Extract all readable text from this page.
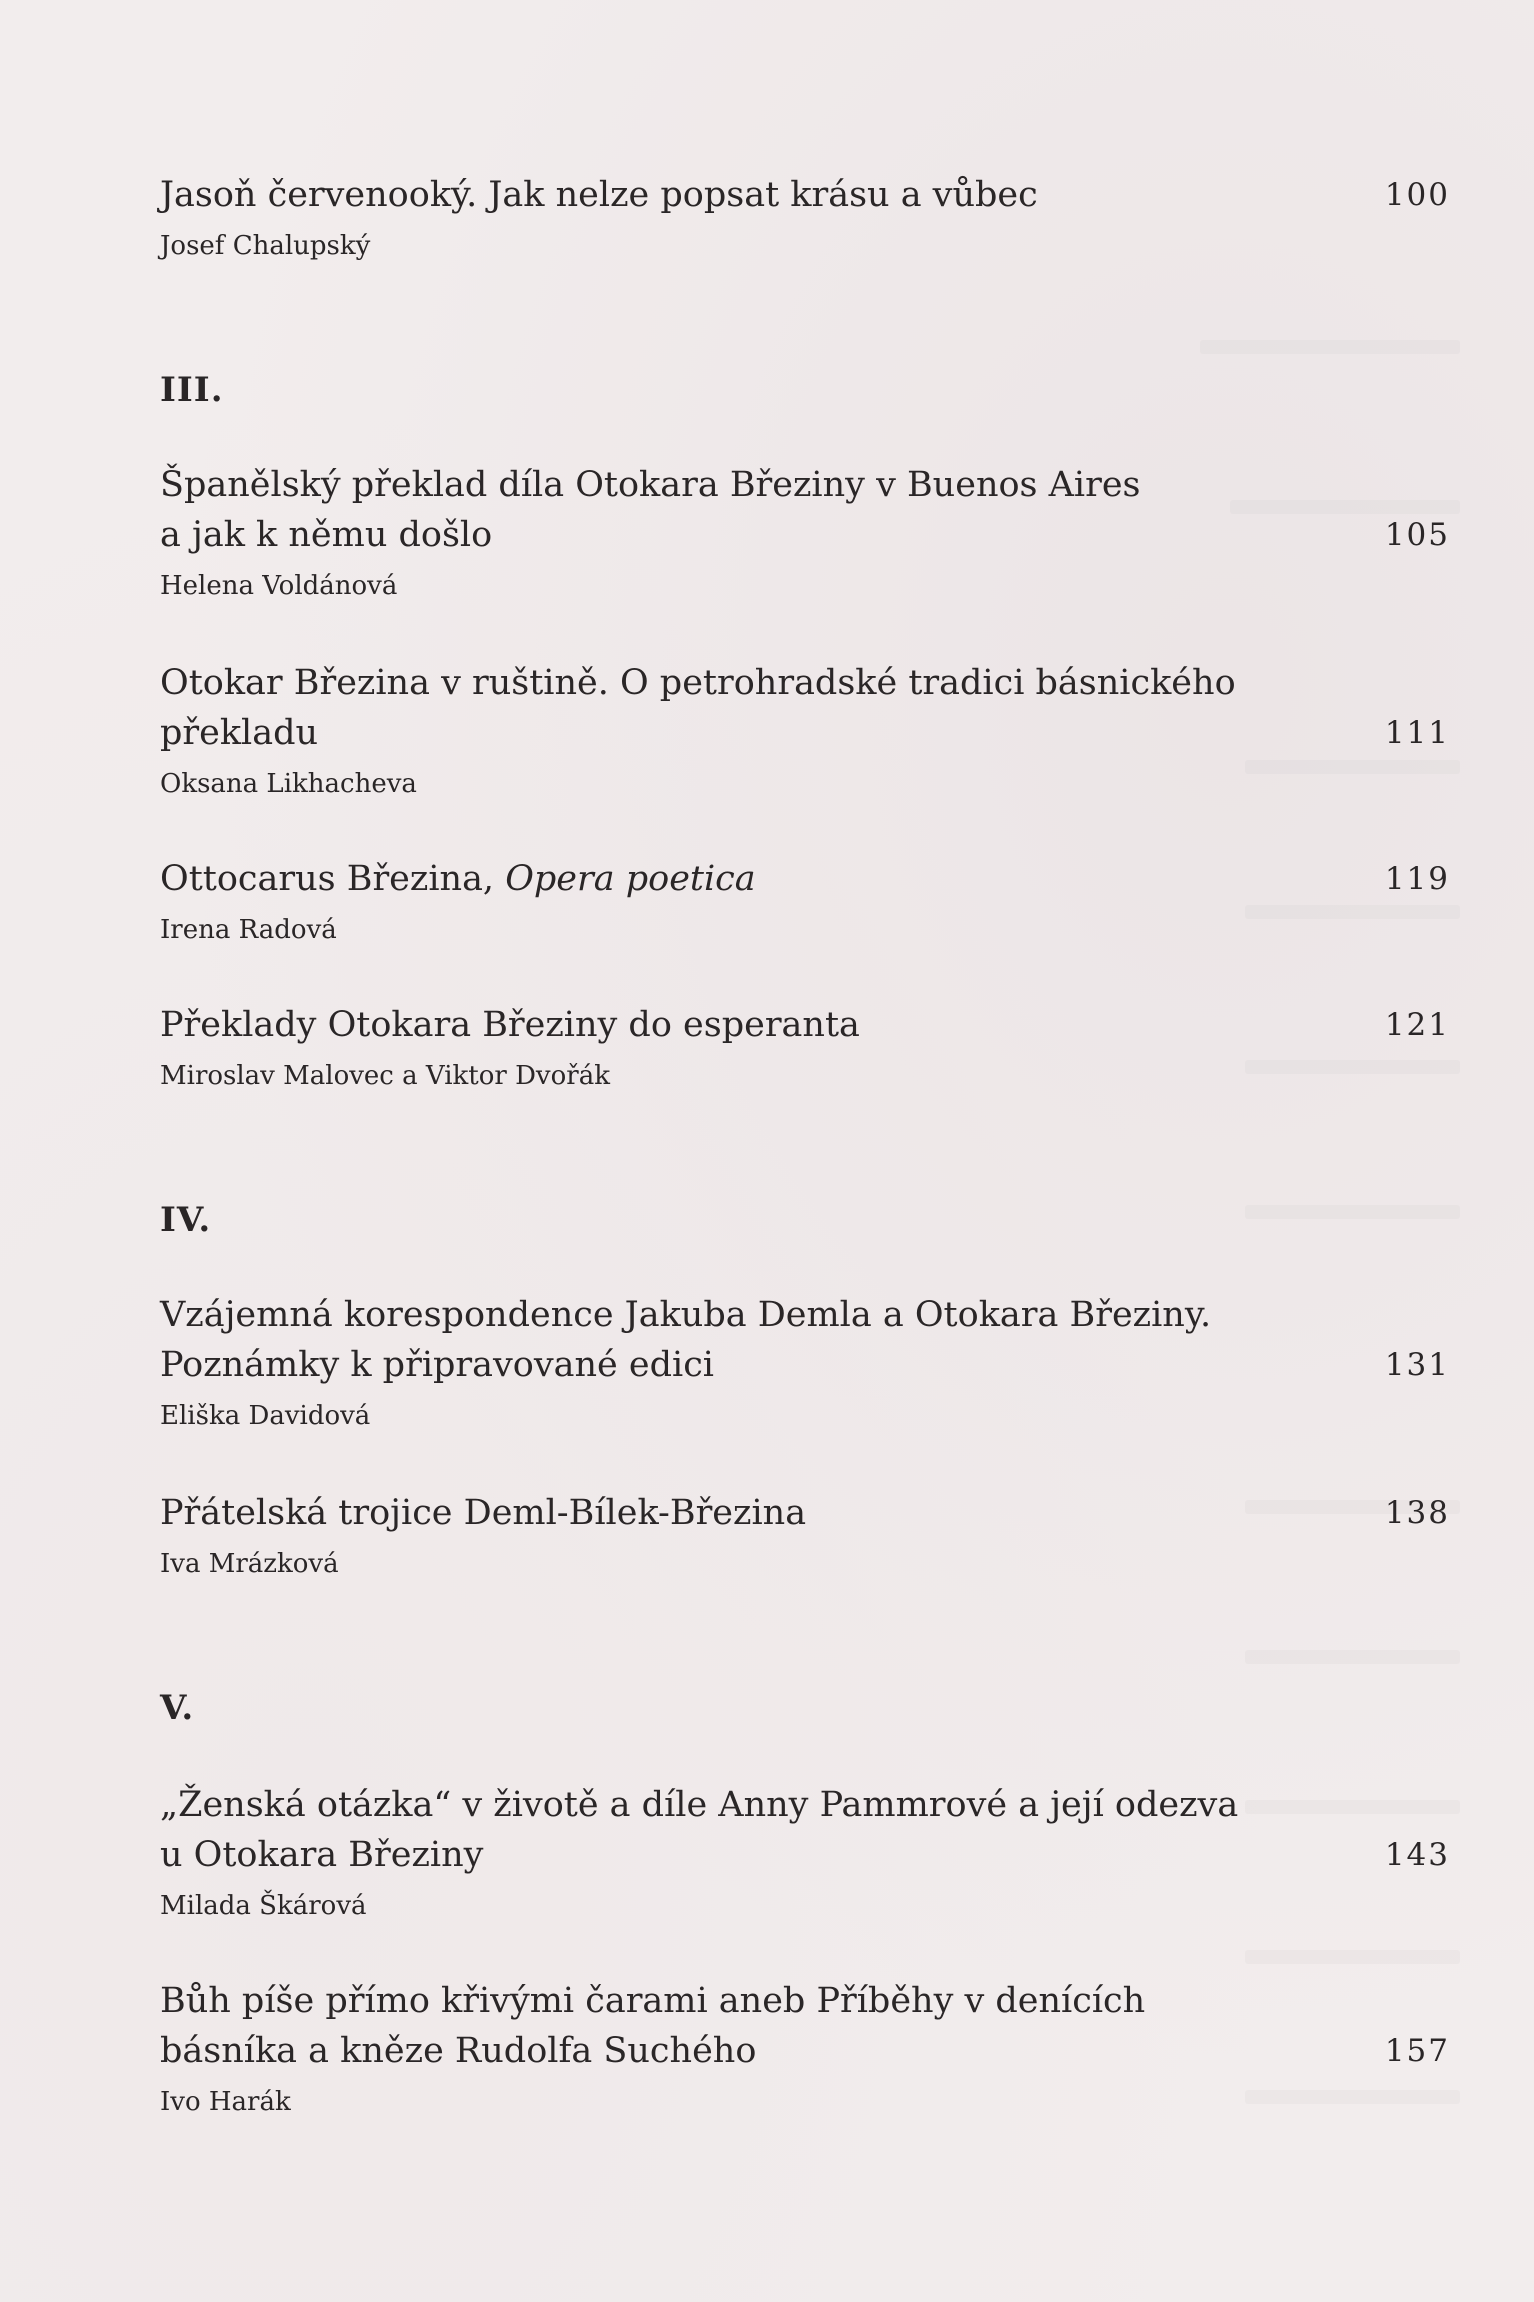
Jasoň červenooký. Jak nelze popsat krásu a vůbec	100
Josef Chalupský

III.

Španělský překlad díla Otokara Březiny v Buenos Aires
a jak k němu došlo	105
Helena Voldánová

Otokar Březina v ruštině. O petrohradské tradici básnického
překladu	111
Oksana Likhacheva

Ottocarus Březina, Opera poetica	119
Irena Radová

Překlady Otokara Březiny do esperanta	121
Miroslav Malovec a Viktor Dvořák

IV.

Vzájemná korespondence Jakuba Demla a Otokara Březiny.
Poznámky k připravované edici	131
Eliška Davidová

Přátelská trojice Deml-Bílek-Březina	138
Iva Mrázková

V.

„Ženská otázka“ v životě a díle Anny Pammrové a její odezva
u Otokara Březiny	143
Milada Škárová

Bůh píše přímo křivými čarami aneb Příběhy v denících
básníka a kněze Rudolfa Suchého	157
Ivo Harák
